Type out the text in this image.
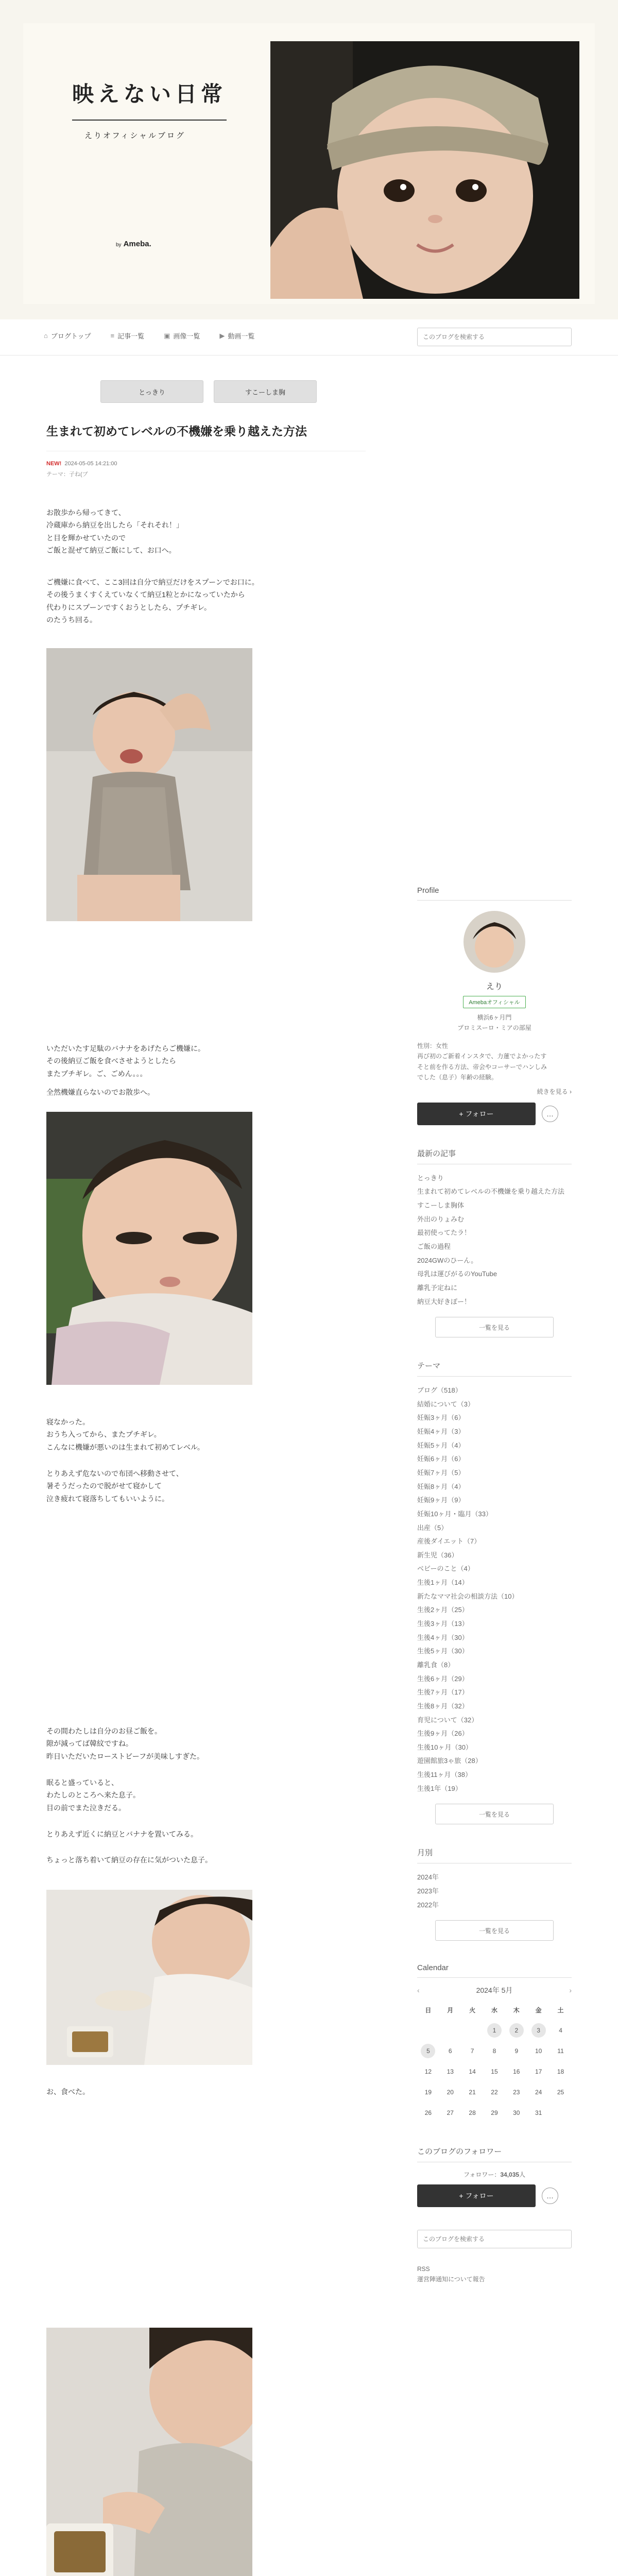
映えない日常
えりオフィシャルブログ
by Ameba.
⌂ ブログトップ	≡ 記事一覧	▣ 画像一覧	▶ 動画一覧
このブログを検索する
とっきり	すこーしま胸
生まれて初めてレベルの不機嫌を乗り越えた方法
NEW! 2024-05-05 14:21:00
テーマ：子ね(ブ
お散歩から帰ってきて、
冷蔵庫から納豆を出したら「それそれ！」
と目を輝かせていたので
ご飯と混ぜて納豆ご飯にして、お口へ。
ご機嫌に食べて、ここ3回は自分で納豆だけをスプーンでお口に。
その後うまくすくえていなくて納豆1粒とかになっていたから
代わりにスプーンですくおうとしたら、プチギレ。
のたうち回る。
いただいたす足駄のバナナをあげたらご機嫌に。
その後納豆ご飯を食べさせようとしたら
またプチギレ。ご、ごめん。。。
全然機嫌直らないのでお散歩へ。
寝なかった。
おうち入ってから、またプチギレ。
こんなに機嫌が悪いのは生まれて初めてレベル。
とりあえず危ないので布団へ移動させて、
暑そうだったので脱がせて寝かして
泣き疲れて寝落ちしてもいいように。
その間わたしは自分のお昼ご飯を。
隙が減ってば韓紋ですね。
昨日いただいたローストビーフが美味しすぎた。
眠ると盛っていると、
わたしのところへ来た息子。
目の前でまた泣きだる。
とりあえず近くに納豆とバナナを置いてみる。
ちょっと落ち着いて納豆の存在に気がついた息子。
お、食べた。
Profile
えり
Amebaオフィシャル
横浜6ヶ月門
プロミスーロ・ミアの部屋
性別：女性
再び初のご新着インスタで、力蓮でよかったす
そと前を作る方法、帝会やコーサーでハンしみ
でした（息子）年齢の経験。
続きを見る ›
+ フォロー	…
最新の記事
とっきり
生まれて初めてレベルの不機嫌を乗り越えた方法
すこーしま胸体
外出のりょみむ
最初使ってたラ！
ご飯の過程
2024GWのひーん。
母乳は運びがるのYouTube
離乳予定ねに
納豆大好きぽー！
一覧を見る
テーマ
ブログ（518）
結婚について（3）
妊娠3ヶ月（6）
妊娠4ヶ月（3）
妊娠5ヶ月（4）
妊娠6ヶ月（6）
妊娠7ヶ月（5）
妊娠8ヶ月（4）
妊娠9ヶ月（9）
妊娠10ヶ月・臨月（33）
出産（5）
産後ダイエット（7）
新生児（36）
ベビーのこと（4）
生後1ヶ月（14）
新たなママ社会の相談方法（10）
生後2ヶ月（25）
生後3ヶ月（13）
生後4ヶ月（30）
生後5ヶ月（30）
離乳食（8）
生後6ヶ月（29）
生後7ヶ月（17）
生後8ヶ月（32）
育児について（32）
生後9ヶ月（26）
生後10ヶ月（30）
遊園館旅3ゃ旅（28）
生後11ヶ月（38）
生後1年（19）
一覧を見る
月別
2024年
2023年
2022年
一覧を見る
Calendar
‹	2024年 5月	›
日	月	火	水	木	金	土
			1	2	3	4
5	6	7	8	9	10	11
12	13	14	15	16	17	18
19	20	21	22	23	24	25
26	27	28	29	30	31	
このブログのフォロワー
フォロワー：34,035人
+ フォロー	…
このブログを検索する
RSS
運営陣通知について報告
